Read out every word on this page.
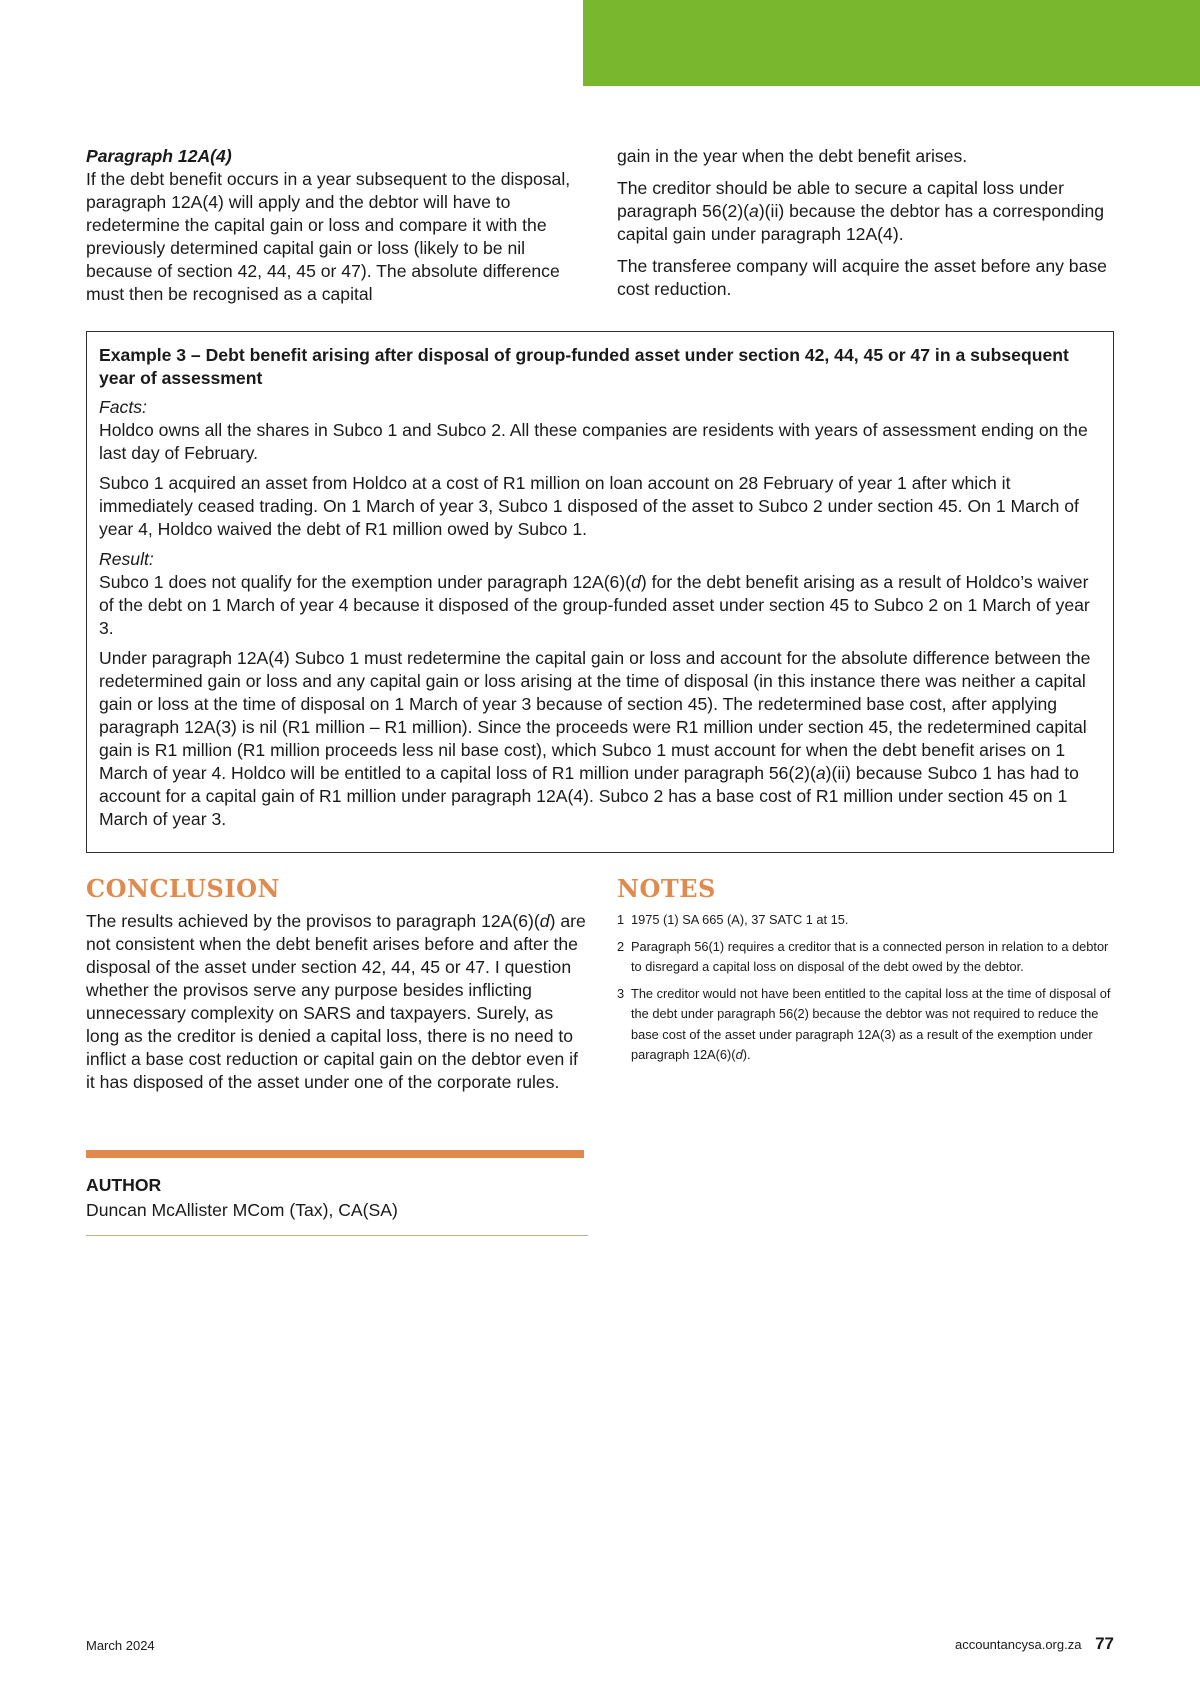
Paragraph 12A(4)

If the debt benefit occurs in a year subsequent to the disposal, paragraph 12A(4) will apply and the debtor will have to redetermine the capital gain or loss and compare it with the previously determined capital gain or loss (likely to be nil because of section 42, 44, 45 or 47). The absolute difference must then be recognised as a capital

gain in the year when the debt benefit arises.

The creditor should be able to secure a capital loss under paragraph 56(2)(a)(ii) because the debtor has a corresponding capital gain under paragraph 12A(4).

The transferee company will acquire the asset before any base cost reduction.

Example 3 – Debt benefit arising after disposal of group-funded asset under section 42, 44, 45 or 47 in a subsequent year of assessment

Facts:

Holdco owns all the shares in Subco 1 and Subco 2. All these companies are residents with years of assessment ending on the last day of February.

Subco 1 acquired an asset from Holdco at a cost of R1 million on loan account on 28 February of year 1 after which it immediately ceased trading. On 1 March of year 3, Subco 1 disposed of the asset to Subco 2 under section 45. On 1 March of year 4, Holdco waived the debt of R1 million owed by Subco 1.

Result:

Subco 1 does not qualify for the exemption under paragraph 12A(6)(d) for the debt benefit arising as a result of Holdco’s waiver of the debt on 1 March of year 4 because it disposed of the group-funded asset under section 45 to Subco 2 on 1 March of year 3.

Under paragraph 12A(4) Subco 1 must redetermine the capital gain or loss and account for the absolute difference between the redetermined gain or loss and any capital gain or loss arising at the time of disposal (in this instance there was neither a capital gain or loss at the time of disposal on 1 March of year 3 because of section 45). The redetermined base cost, after applying paragraph 12A(3) is nil (R1 million – R1 million). Since the proceeds were R1 million under section 45, the redetermined capital gain is R1 million (R1 million proceeds less nil base cost), which Subco 1 must account for when the debt benefit arises on 1 March of year 4. Holdco will be entitled to a capital loss of R1 million under paragraph 56(2)(a)(ii) because Subco 1 has had to account for a capital gain of R1 million under paragraph 12A(4). Subco 2 has a base cost of R1 million under section 45 on 1 March of year 3.

CONCLUSION

The results achieved by the provisos to paragraph 12A(6)(d) are not consistent when the debt benefit arises before and after the disposal of the asset under section 42, 44, 45 or 47. I question whether the provisos serve any purpose besides inflicting unnecessary complexity on SARS and taxpayers. Surely, as long as the creditor is denied a capital loss, there is no need to inflict a base cost reduction or capital gain on the debtor even if it has disposed of the asset under one of the corporate rules.

NOTES
1 1975 (1) SA 665 (A), 37 SATC 1 at 15.
2 Paragraph 56(1) requires a creditor that is a connected person in relation to a debtor to disregard a capital loss on disposal of the debt owed by the debtor.
3 The creditor would not have been entitled to the capital loss at the time of disposal of the debt under paragraph 56(2) because the debtor was not required to reduce the base cost of the asset under paragraph 12A(3) as a result of the exemption under paragraph 12A(6)(d).

AUTHOR

Duncan McAllister MCom (Tax), CA(SA)

March 2024	accountancysa.org.za 77
